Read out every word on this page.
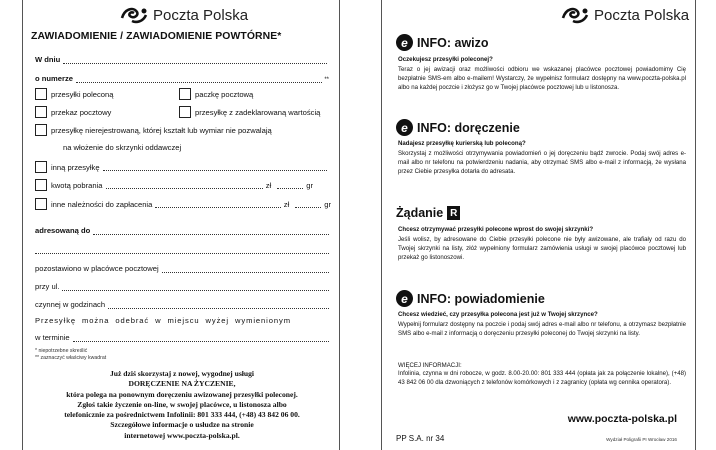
Poczta Polska
ZAWIADOMIENIE / ZAWIADOMIENIE POWTÓRNE*
W dniu
o numerze	**
przesyłki poleconą	paczkę pocztową
przekaz pocztowy	przesyłkę z zadeklarowaną wartością
przesyłkę nierejestrowaną, której kształt lub wymiar nie pozwalają
na włożenie do skrzynki oddawczej
inną przesyłkę
kwotą pobrania	zł	gr
inne należności do zapłacenia	zł	gr
adresowaną do
pozostawiono w placówce pocztowej
przy ul.
czynnej w godzinach
Przesyłkę można odebrać w miejscu wyżej wymienionym
w terminie
* niepotrzebne skreślić
** zaznaczyć właściwy kwadrat
Już dziś skorzystaj z nowej, wygodnej usługi
DORĘCZENIE NA ŻYCZENIE,
która polega na ponownym doręczeniu awizowanej przesyłki poleconej.
Zgłoś takie życzenie on-line, w swojej placówce, u listonosza albo
telefonicznie za pośrednictwem Infolinii: 801 333 444, (+48) 43 842 06 00.
Szczegółowe informacje o usłudze na stronie
internetowej www.poczta-polska.pl.
Poczta Polska
e INFO: awizo
Oczekujesz przesyłki poleconej?
Teraz o jej awizacji oraz możliwości odbioru we wskazanej placówce pocztowej powiadomimy Cię bezpłatnie SMS-em albo e-mailem! Wystarczy, że wypełnisz formularz dostępny na www.poczta-polska.pl albo na każdej poczcie i złożysz go w Twojej placówce pocztowej lub u listonosza.
e INFO: doręczenie
Nadajesz przesyłkę kurierską lub poleconą?
Skorzystaj z możliwości otrzymywania powiadomień o jej doręczeniu bądź zwrocie. Podaj swój adres e-mail albo nr telefonu na potwierdzeniu nadania, aby otrzymać SMS albo e-mail z informacją, że wysłana przez Ciebie przesyłka dotarła do adresata.
Żądanie R
Chcesz otrzymywać przesyłki polecone wprost do swojej skrzynki?
Jeśli wolisz, by adresowane do Ciebie przesyłki polecone nie były awizowane, ale trafiały od razu do Twojej skrzynki na listy, złóż wypełniony formularz zamówienia usługi w swojej placówce pocztowej lub przekaż go listonoszowi.
e INFO: powiadomienie
Chcesz wiedzieć, czy przesyłka polecona jest już w Twojej skrzynce?
Wypełnij formularz dostępny na poczcie i podaj swój adres e-mail albo nr telefonu, a otrzymasz bezpłatnie SMS albo e-mail z informacją o doręczeniu przesyłki poleconej do Twojej skrzynki na listy.
WIĘCEJ INFORMACJI:
Infolinia, czynna w dni robocze, w godz. 8.00-20.00: 801 333 444 (opłata jak za połączenie lokalne), (+48) 43 842 06 00 dla dzwoniących z telefonów komórkowych i z zagranicy (opłata wg cennika operatora).
www.poczta-polska.pl
PP S.A. nr 34	Wydział Poligrafii PI Wrocław 2016
